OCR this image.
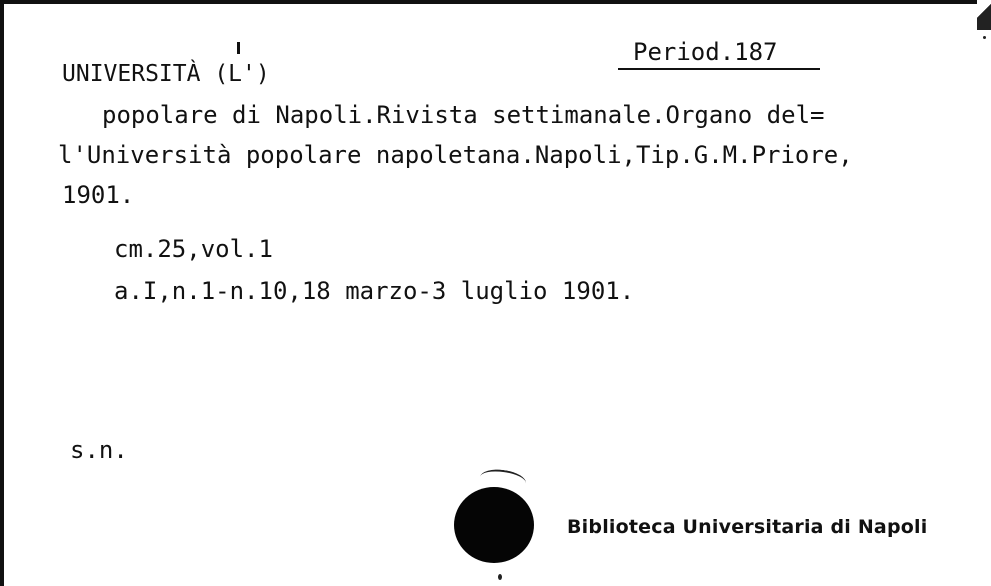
Period.187
UNIVERSITÀ (L')
popolare di Napoli.Rivista settimanale.Organo del=
l'Università popolare napoletana.Napoli,Tip.G.M.Priore,
1901.
cm.25,vol.1
a.I,n.1-n.10,18 marzo-3 luglio 1901.
s.n.
Biblioteca Universitaria di Napoli
